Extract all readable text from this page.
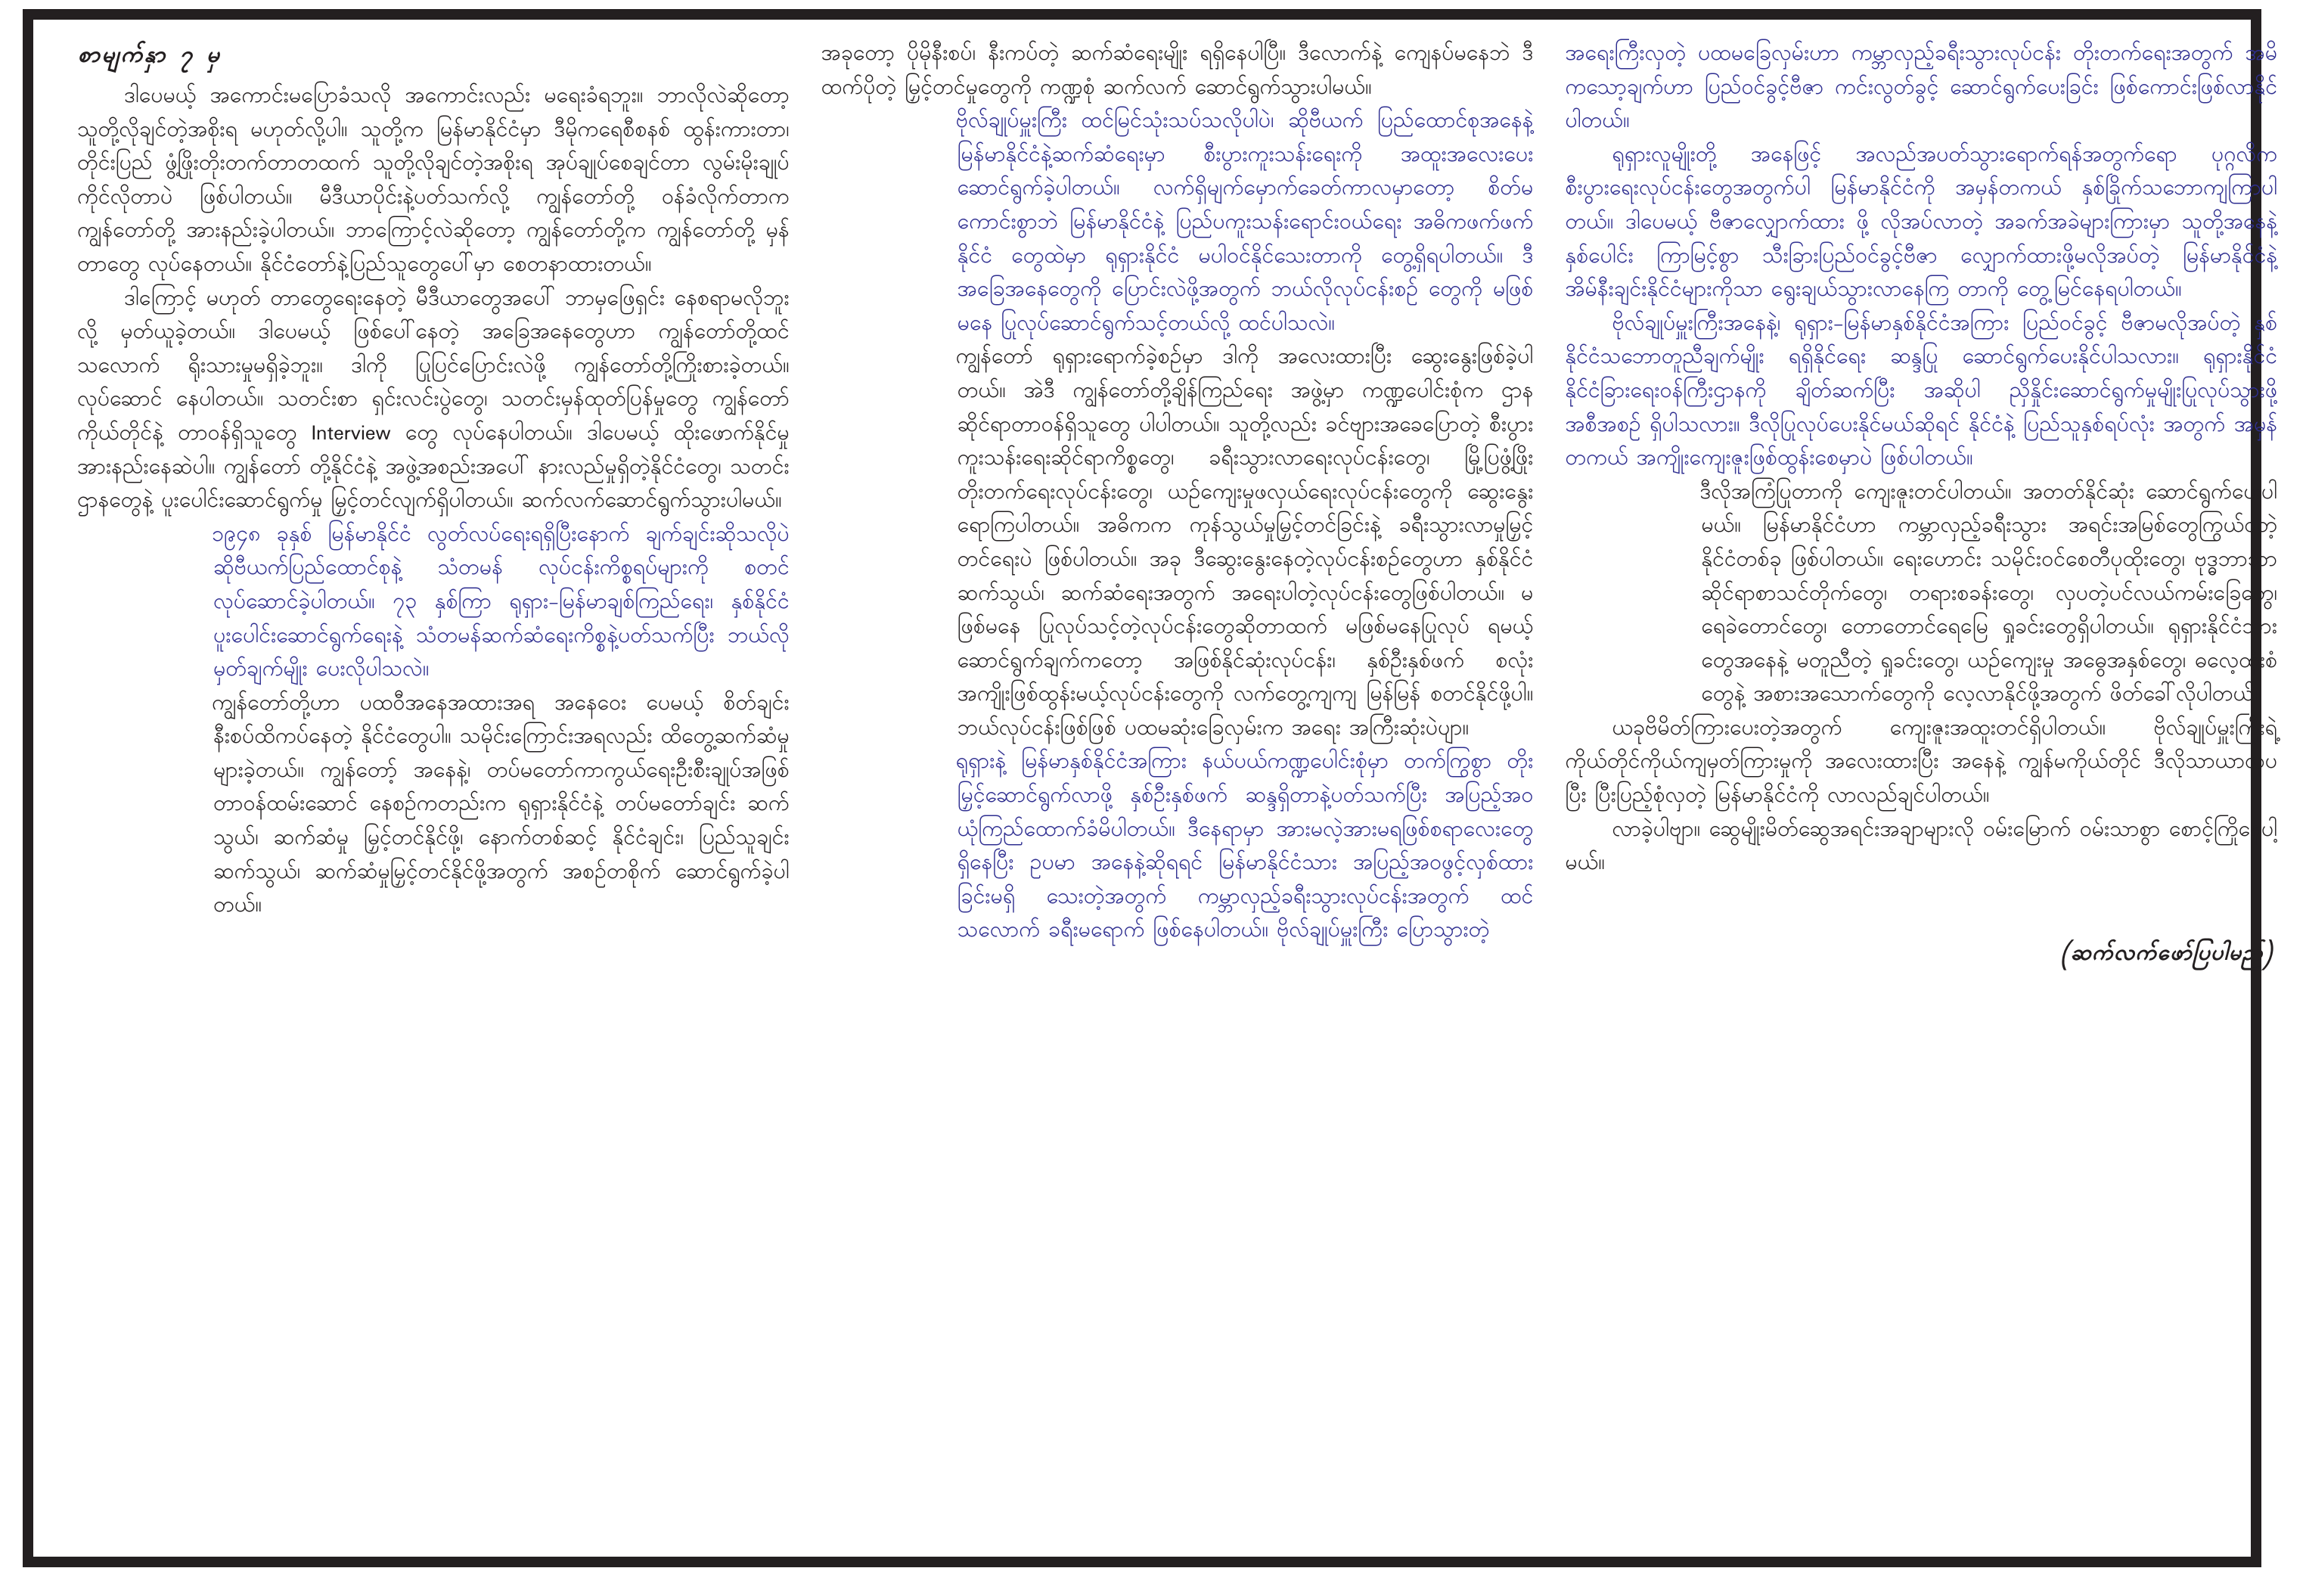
စာမျက်နှာ ၇ မှ

ဒါပေမယ့် အကောင်းမပြောခံသလို အကောင်းလည်း မရေးခံရဘူး။ ဘာလိုလဲဆိုတော့ သူတို့လိုချင်တဲ့အစိုးရ မဟုတ်လို့ပါ။ သူတို့က မြန်မာနိုင်ငံမှာ ဒီမိုကရေစီစနစ် ထွန်းကားတာ၊ တိုင်းပြည် ဖွံ့ဖြိုးတိုးတက်တာတထက် သူတို့လိုချင်တဲ့အစိုးရ အုပ်ချုပ်စေချင်တာ လွမ်းမိုးချုပ်ကိုင်လိုတာပဲ ဖြစ်ပါတယ်။ မီဒီယာပိုင်းနဲ့ပတ်သက်လို့ ကျွန်တော်တို့ ဝန်ခံလိုက်တာက ကျွန်တော်တို့ အားနည်းခဲ့ပါတယ်။ ဘာကြောင့်လဲဆိုတော့ ကျွန်တော်တို့က ကျွန်တော်တို့ မှန်တာတွေ လုပ်နေတယ်။ နိုင်ငံတော်နဲ့ပြည်သူတွေပေါ်မှာ စေတနာထားတယ်။

ဒါကြောင့် မဟုတ် တာတွေရေးနေတဲ့ မီဒီယာတွေအပေါ် ဘာမှဖြေရှင်း နေစရာမလိုဘူးလို့ မှတ်ယူခဲ့တယ်။ ဒါပေမယ့် ဖြစ်ပေါ်နေတဲ့ အခြေအနေတွေဟာ ကျွန်တော်တို့ထင်သလောက် ရိုးသားမှုမရှိခဲ့ဘူး။ ဒါကို ပြုပြင်ပြောင်းလဲဖို့ ကျွန်တော်တို့ကြိုးစားခဲ့တယ်။ လုပ်ဆောင် နေပါတယ်။ သတင်းစာ ရှင်းလင်းပွဲတွေ၊ သတင်းမှန်ထုတ်ပြန်မှုတွေ ကျွန်တော်ကိုယ်တိုင်နဲ့ တာဝန်ရှိသူတွေ Interview တွေ လုပ်နေပါတယ်။ ဒါပေမယ့် ထိုးဖောက်နိုင်မှု အားနည်းနေဆဲပါ။ ကျွန်တော် တို့နိုင်ငံနဲ့ အဖွဲ့အစည်းအပေါ် နားလည်မှုရှိတဲ့နိုင်ငံတွေ၊ သတင်း ဌာနတွေနဲ့ ပူးပေါင်းဆောင်ရွက်မှု မြှင့်တင်လျက်ရှိပါတယ်။ ဆက်လက်ဆောင်ရွက်သွားပါမယ်။

၁၉၄၈ ခုနှစ် မြန်မာနိုင်ငံ လွတ်လပ်ရေးရရှိပြီးနောက် ချက်ချင်းဆိုသလိုပဲ ဆိုဗီယက်ပြည်ထောင်စုနဲ့ သံတမန် လုပ်ငန်းကိစ္စရပ်များကို စတင်လုပ်ဆောင်ခဲ့ပါတယ်။ ၇၃ နှစ်ကြာ ရုရှား-မြန်မာချစ်ကြည်ရေး၊ နှစ်နိုင်ငံပူးပေါင်းဆောင်ရွက်ရေးနဲ့ သံတမန်ဆက်ဆံရေးကိစ္စနဲ့ပတ်သက်ပြီး ဘယ်လိုမှတ်ချက်မျိုး ပေးလိုပါသလဲ။

ကျွန်တော်တို့ဟာ ပထဝီအနေအထားအရ အနေဝေး ပေမယ့် စိတ်ချင်း နီးစပ်ထိကပ်နေတဲ့ နိုင်ငံတွေပါ။ သမိုင်းကြောင်းအရလည်း ထိတွေ့ဆက်ဆံမှုများခဲ့တယ်။ ကျွန်တော့် အနေနဲ့၊ တပ်မတော်ကာကွယ်ရေးဦးစီးချုပ်အဖြစ် တာဝန်ထမ်းဆောင် နေစဉ်ကတည်းက ရုရှားနိုင်ငံနဲ့ တပ်မတော်ချင်း ဆက်သွယ်၊ ဆက်ဆံမှု မြှင့်တင်နိုင်ဖို့၊ နောက်တစ်ဆင့် နိုင်ငံချင်း၊ ပြည်သူချင်း ဆက်သွယ်၊ ဆက်ဆံမှုမြှင့်တင်နိုင်ဖို့အတွက် အစဉ်တစိုက် ဆောင်ရွက်ခဲ့ပါတယ်။

အခုတော့ ပိုမိုနီးစပ်၊ နီးကပ်တဲ့ ဆက်ဆံရေးမျိုး ရရှိနေပါပြီ။ ဒီလောက်နဲ့ ကျေနပ်မနေဘဲ ဒီထက်ပိုတဲ့ မြှင့်တင်မှုတွေကို ကဏ္ဍစုံ ဆက်လက် ဆောင်ရွက်သွားပါမယ်။

ဗိုလ်ချုပ်မှူးကြီး ထင်မြင်သုံးသပ်သလိုပါပဲ၊ ဆိုဗီယက် ပြည်ထောင်စုအနေနဲ့ မြန်မာနိုင်ငံနဲ့ဆက်ဆံရေးမှာ စီးပွားကူးသန်းရေးကို အထူးအလေးပေး ဆောင်ရွက်ခဲ့ပါတယ်။ လက်ရှိမျက်မှောက်ခေတ်ကာလမှာတော့ စိတ်မကောင်းစွာဘဲ မြန်မာနိုင်ငံနဲ့ ပြည်ပကူးသန်းရောင်းဝယ်ရေး အဓိကဖက်ဖက်နိုင်ငံ တွေထဲမှာ ရုရှားနိုင်ငံ မပါဝင်နိုင်သေးတာကို တွေ့ရှိရပါတယ်။ ဒီအခြေအနေတွေကို ပြောင်းလဲဖို့အတွက် ဘယ်လိုလုပ်ငန်းစဉ် တွေကို မဖြစ်မနေ ပြုလုပ်ဆောင်ရွက်သင့်တယ်လို့ ထင်ပါသလဲ။

ကျွန်တော် ရုရှားရောက်ခဲ့စဉ်မှာ ဒါကို အလေးထားပြီး ဆွေးနွေးဖြစ်ခဲ့ပါတယ်။ အဲဒီ ကျွန်တော်တို့ချိန်ကြည်ရေး အဖွဲ့မှာ ကဏ္ဍပေါင်းစုံက ဌာနဆိုင်ရာတာဝန်ရှိသူတွေ ပါပါတယ်။ သူတို့လည်း ခင်ဗျားအခေပြောတဲ့ စီးပွားကူးသန်းရေးဆိုင်ရာကိစ္စတွေ၊ ခရီးသွားလာရေးလုပ်ငန်းတွေ၊ မြို့ပြဖွံ့ဖြိုးတိုးတက်ရေးလုပ်ငန်းတွေ၊ ယဉ်ကျေးမှုဖလှယ်ရေးလုပ်ငန်းတွေကို ဆွေးနွေးရောကြပါတယ်။ အဓိကက ကုန်သွယ်မှုမြှင့်တင်ခြင်းနဲ့ ခရီးသွားလာမှုမြှင့်တင်ရေးပဲ ဖြစ်ပါတယ်။ အခု ဒီဆွေးနွေးနေတဲ့လုပ်ငန်းစဉ်တွေဟာ နှစ်နိုင်ငံ ဆက်သွယ်၊ ဆက်ဆံရေးအတွက် အရေးပါတဲ့လုပ်ငန်းတွေဖြစ်ပါတယ်။ မဖြစ်မနေ ပြုလုပ်သင့်တဲ့လုပ်ငန်းတွေဆိုတာထက် မဖြစ်မနေပြုလုပ် ရမယ့် ဆောင်ရွက်ချက်ကတော့ အဖြစ်နိုင်ဆုံးလုပ်ငန်း၊ နှစ်ဦးနှစ်ဖက် စလုံး အကျိုးဖြစ်ထွန်းမယ့်လုပ်ငန်းတွေကို လက်တွေ့ကျကျ မြန်မြန် စတင်နိုင်ဖို့ပါ။ ဘယ်လုပ်ငန်းဖြစ်ဖြစ် ပထမဆုံးခြေလှမ်းက အရေး အကြီးဆုံးပဲပျာ။

ရုရှားနဲ့ မြန်မာနှစ်နိုင်ငံအကြား နယ်ပယ်ကဏ္ဍပေါင်းစုံမှာ တက်ကြွစွာ တိုးမြှင့်ဆောင်ရွက်လာဖို့ နှစ်ဦးနှစ်ဖက် ဆန္ဒရှိတာနဲ့ပတ်သက်ပြီး အပြည့်အဝ ယုံကြည်ထောက်ခံမိပါတယ်။ ဒီနေရာမှာ အားမလဲ့အားမရဖြစ်စရာလေးတွေရှိနေပြီး ဥပမာ အနေနဲ့ဆိုရရင် မြန်မာနိုင်ငံသား အပြည့်အဝဖွင့်လှစ်ထားခြင်းမရှိ သေးတဲ့အတွက် ကမ္ဘာလှည့်ခရီးသွားလုပ်ငန်းအတွက် ထင်သလောက် ခရီးမရောက် ဖြစ်နေပါတယ်။ ဗိုလ်ချုပ်မှူးကြီး ပြောသွားတဲ့

အရေးကြီးလှတဲ့ ပထမခြေလှမ်းဟာ ကမ္ဘာလှည့်ခရီးသွားလုပ်ငန်း တိုးတက်ရေးအတွက် အမိကသော့ချက်ဟာ ပြည်ဝင်ခွင့်ဗီဇာ ကင်းလွတ်ခွင့် ဆောင်ရွက်ပေးခြင်း ဖြစ်ကောင်းဖြစ်လာနိုင်ပါတယ်။

ရုရှားလူမျိုးတို့ အနေဖြင့် အလည်အပတ်သွားရောက်ရန်အတွက်ရော ပုဂ္ဂလိက စီးပွားရေးလုပ်ငန်းတွေအတွက်ပါ မြန်မာနိုင်ငံကို အမှန်တကယ် နှစ်ခြိုက်သဘောကျကြာပါတယ်။ ဒါပေမယ့် ဗီဇာလျှောက်ထား ဖို့ လိုအပ်လာတဲ့ အခက်အခဲများကြားမှာ သူတို့အနေနဲ့ နှစ်ပေါင်း ကြာမြင့်စွာ သီးခြားပြည်ဝင်ခွင့်ဗီဇာ လျှောက်ထားဖို့မလိုအပ်တဲ့ မြန်မာနိုင်ငံနဲ့ အိမ်နီးချင်းနိုင်ငံများကိုသာ ရွေးချယ်သွားလာနေကြ တာကို တွေ့မြင်နေရပါတယ်။

ဗိုလ်ချုပ်မှူးကြီးအနေနဲ့၊ ရုရှား-မြန်မာနှစ်နိုင်ငံအကြား ပြည်ဝင်ခွင့် ဗီဇာမလိုအပ်တဲ့ နှစ်နိုင်ငံသဘောတူညီချက်မျိုး ရရှိနိုင်ရေး ဆန္ဒပြု ဆောင်ရွက်ပေးနိုင်ပါသလား။ ရုရှားနိုင်ငံ နိုင်ငံခြားရေးဝန်ကြီးဌာနကို ချိတ်ဆက်ပြီး အဆိုပါ ညှိနှိုင်းဆောင်ရွက်မှုမျိုးပြုလုပ်သွားဖို့ အစီအစဉ် ရှိပါသလား။ ဒီလိုပြုလုပ်ပေးနိုင်မယ်ဆိုရင် နိုင်ငံနဲ့ ပြည်သူနှစ်ရပ်လုံး အတွက် အမှန်တကယ် အကျိုးကျေးဇူးဖြစ်ထွန်းစေမှာပဲ ဖြစ်ပါတယ်။

ဒီလိုအကြံပြုတာကို ကျေးဇူးတင်ပါတယ်။ အတတ်နိုင်ဆုံး ဆောင်ရွက်ပေးပါမယ်။ မြန်မာနိုင်ငံဟာ ကမ္ဘာလှည့်ခရီးသွား အရင်းအမြစ်တွေကြွယ်ဝတဲ့ နိုင်ငံတစ်ခု ဖြစ်ပါတယ်။ ရေးဟောင်း သမိုင်းဝင်စေတီပုထိုးတွေ၊ ဗုဒ္ဓဘာသာဆိုင်ရာစာသင်တိုက်တွေ၊ တရားစခန်းတွေ၊ လှပတဲ့ပင်လယ်ကမ်းခြေတွေ၊ ရေခဲတောင်တွေ၊ တောတောင်ရေမြေ ရှုခင်းတွေရှိပါတယ်။ ရုရှားနိုင်ငံသားတွေအနေနဲ့ မတူညီတဲ့ ရှုခင်းတွေ၊ ယဉ်ကျေးမှု အဓွေအနှစ်တွေ၊ ဓလေ့ထုံးစံတွေနဲ့ အစားအသောက်တွေကို လေ့လာနိုင်ဖို့အတွက် ဖိတ်ခေါ်လိုပါတယ်။

ယခုဗိမိတ်ကြားပေးတဲ့အတွက် ကျေးဇူးအထူးတင်ရှိပါတယ်။ ဗိုလ်ချုပ်မှူးကြီးရဲ့ ကိုယ်တိုင်ကိုယ်ကျမှတ်ကြားမှုကို အလေးထားပြီး အနေနဲ့ ကျွန်မကိုယ်တိုင် ဒီလိုသာယာလှပပြီး ပြီးပြည့်စုံလှတဲ့ မြန်မာနိုင်ငံကို လာလည်ချင်ပါတယ်။

လာခဲ့ပါဗျာ။ ဆွေမျိုးမိတ်ဆွေအရင်းအချာများလို ဝမ်းမြောက် ဝမ်းသာစွာ စောင့်ကြိုနေပါ့မယ်။

(ဆက်လက်ဖော်ပြပါမည်)
